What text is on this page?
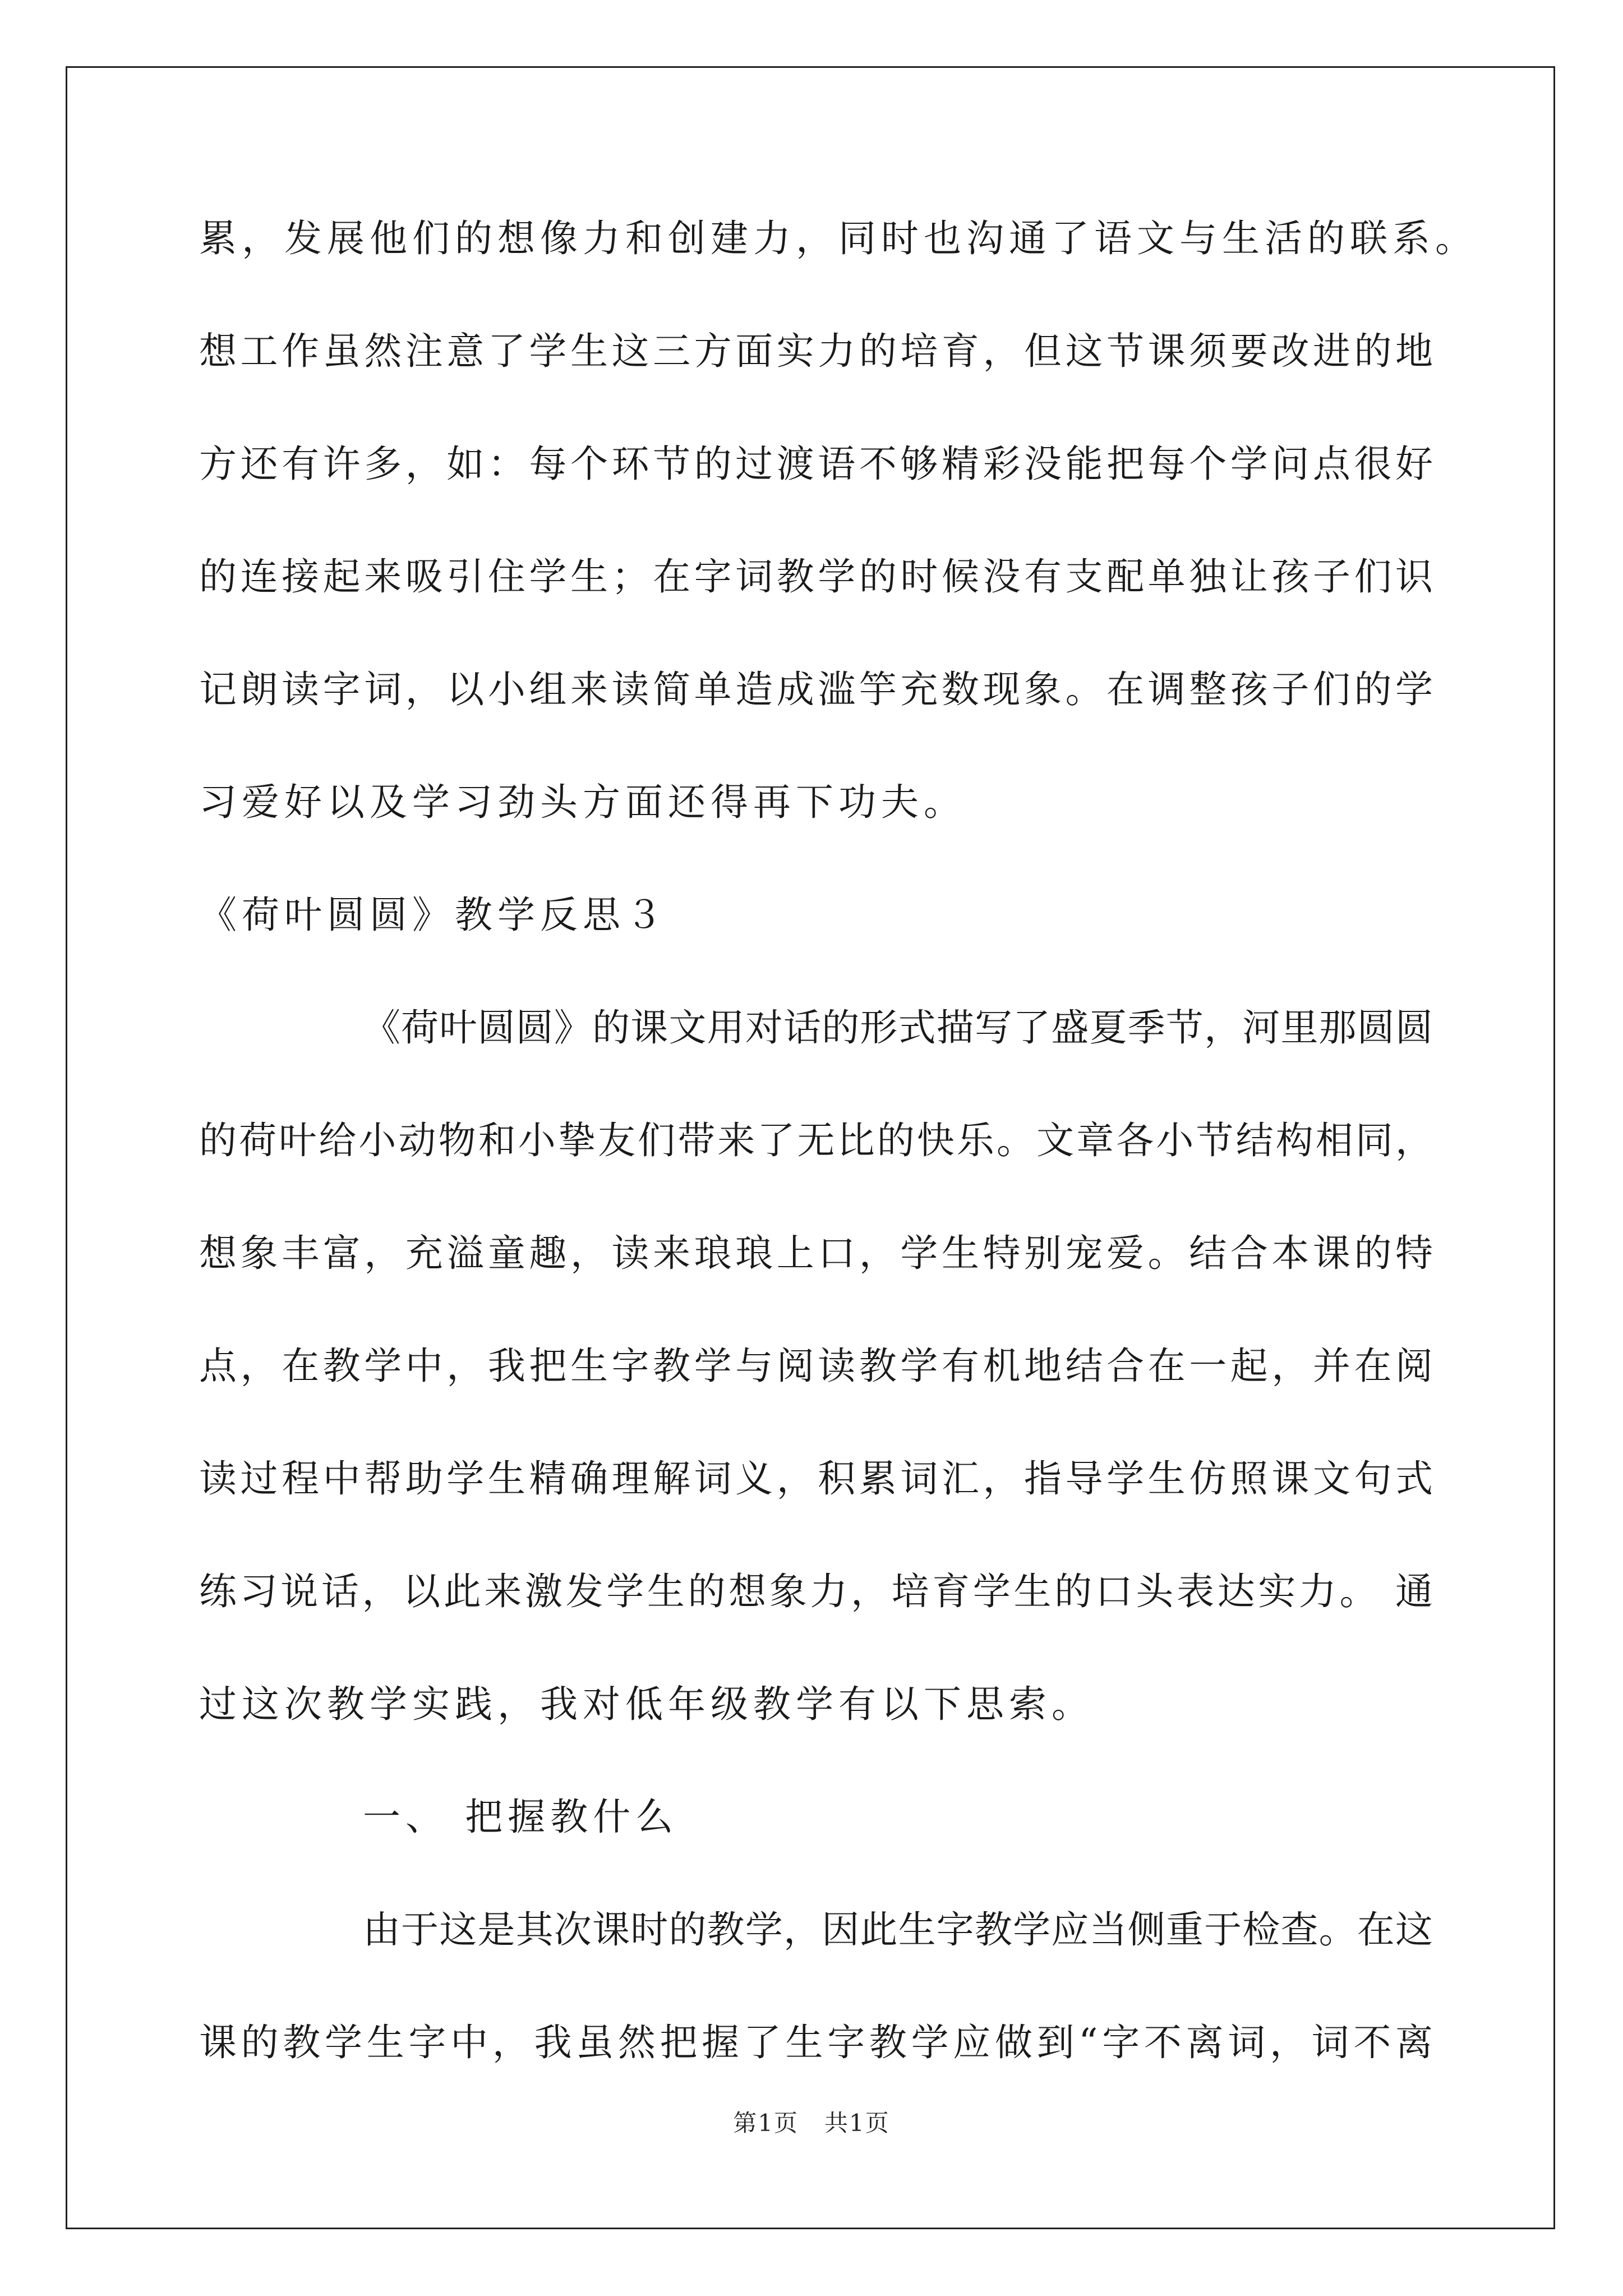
累，发展他们的想像力和创建力，同时也沟通了语文与生活的联系。
想工作虽然注意了学生这三方面实力的培育，但这节课须要改进的地
方还有许多，如：每个环节的过渡语不够精彩没能把每个学问点很好
的连接起来吸引住学生；在字词教学的时候没有支配单独让孩子们识
记朗读字词，以小组来读简单造成滥竽充数现象。在调整孩子们的学
习爱好以及学习劲头方面还得再下功夫。
《荷叶圆圆》教学反思３
《荷叶圆圆》的课文用对话的形式描写了盛夏季节，河里那圆圆
的荷叶给小动物和小挚友们带来了无比的快乐。文章各小节结构相同，
想象丰富，充溢童趣，读来琅琅上口，学生特别宠爱。结合本课的特
点，在教学中，我把生字教学与阅读教学有机地结合在一起，并在阅
读过程中帮助学生精确理解词义，积累词汇，指导学生仿照课文句式
练习说话，以此来激发学生的想象力，培育学生的口头表达实力。 通
过这次教学实践，我对低年级教学有以下思索。
一、 把握教什么
由于这是其次课时的教学，因此生字教学应当侧重于检查。在这
课的教学生字中，我虽然把握了生字教学应做到“字不离词，词不离
第1页   共1页
